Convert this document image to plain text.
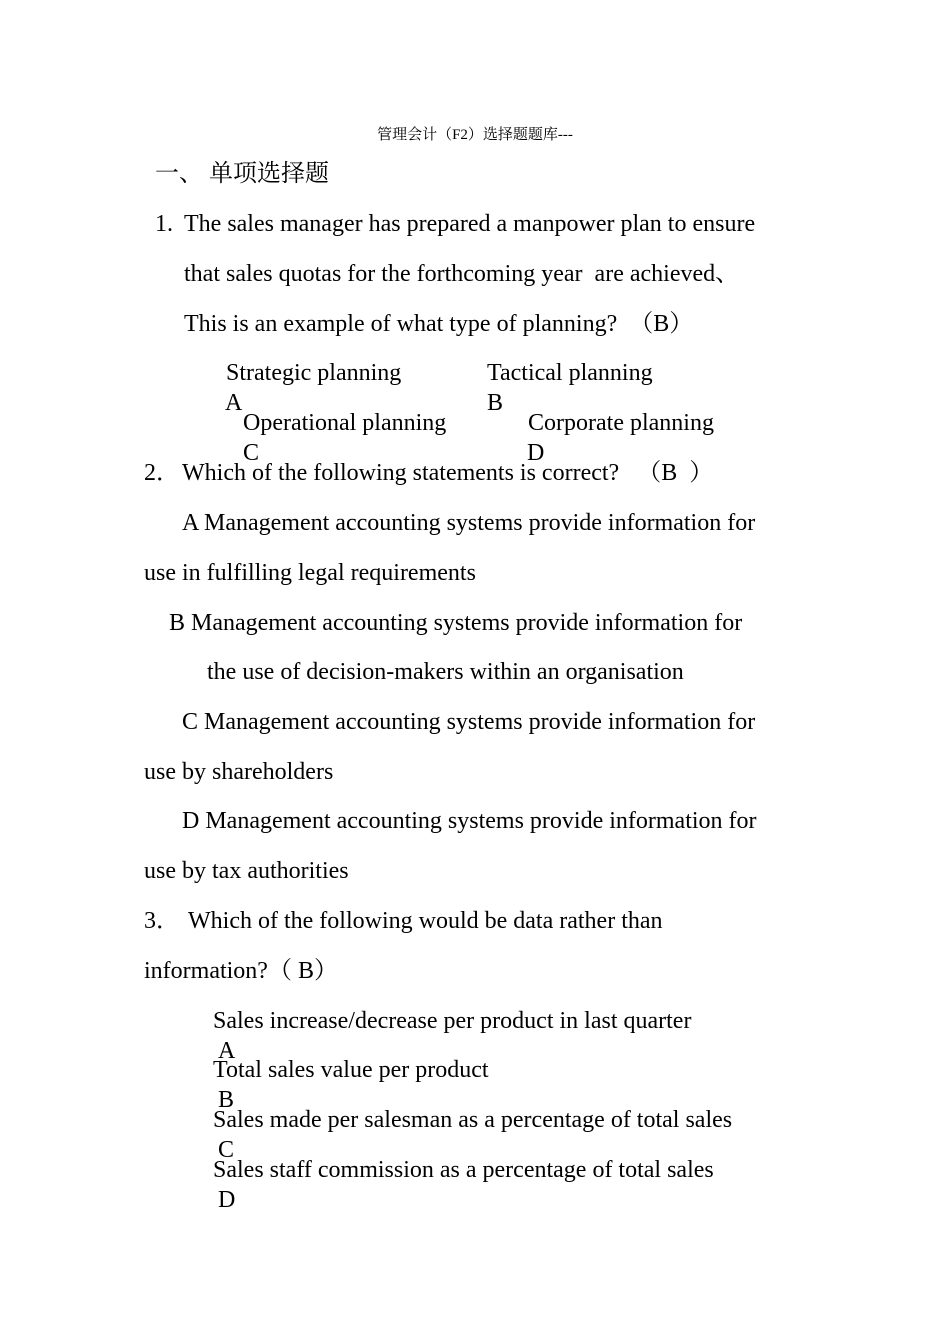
管理会计（F2）选择题题库---
一、 单项选择题
1. The sales manager has prepared a manpower plan to ensure
that sales quotas for the forthcoming year  are achieved、
This is an example of what type of planning?  （B）

A

Strategic planning

B

Tactical planning

C

Operational planning

D

Corporate planning
2． Which of the following statements is correct?   （B  ）
A Management accounting systems provide information for
use in fulfilling legal requirements
B Management accounting systems provide information for
the use of decision-makers within an organisation
C Management accounting systems provide information for
use by shareholders
D Management accounting systems provide information for
use by tax authorities
3． Which of the following would be data rather than
information?（ B）

A

Sales increase/decrease per product in last quarter

B

Total sales value per product

C

Sales made per salesman as a percentage of total sales

D

Sales staff commission as a percentage of total sales
